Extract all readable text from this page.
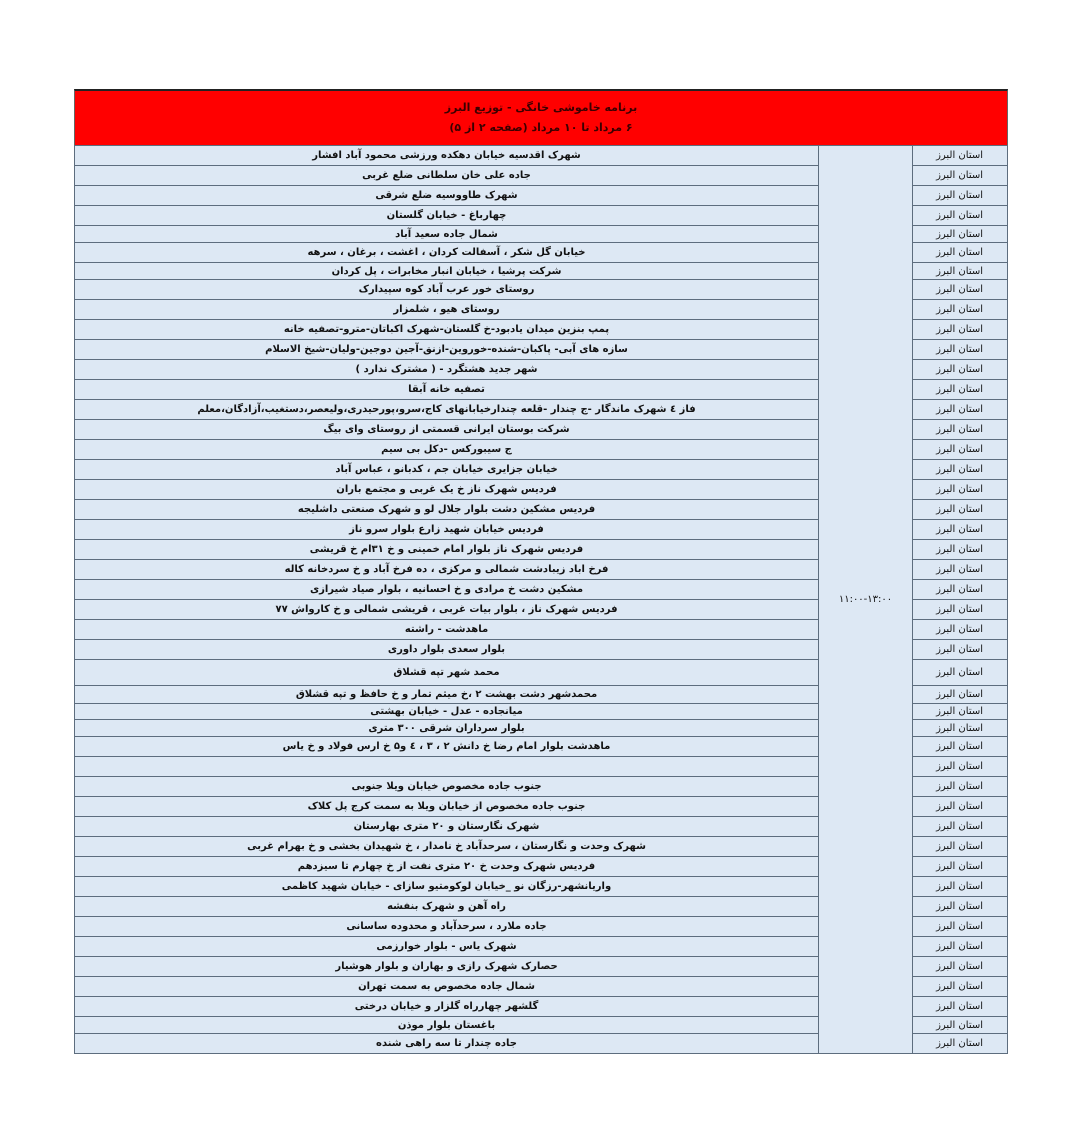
برنامه خاموشی خانگی - توزیع البرز
۶ مرداد تا ۱۰ مرداد (صفحه ۲ از ۵)
استان البرز	۱۱:۰۰-۱۳:۰۰	شهرک اقدسیه خیابان دهکده ورزشی محمود آباد افشار
استان البرز		جاده علی خان سلطانی ضلع غربی
استان البرز		شهرک طاووسیه ضلع شرقی
استان البرز		چهارباغ - خیابان گلستان
استان البرز		شمال جاده سعید آباد
استان البرز		خیابان گل شکر ، آسفالت کردان ، اغشت ، برغان ، سرهه
استان البرز		شرکت پرشیا ، خیابان انبار مخابرات ، پل کردان
استان البرز		روستای خور عرب آباد کوه سپیدارک
استان البرز		روستای هیو ، شلمزار
استان البرز		پمپ بنزین میدان یادبود-خ گلستان-شهرک اکباتان-مترو-تصفیه خانه
استان البرز		سازه های آبی- پاکبان-شنده-خوروین-ازنق-آجین دوجین-ولیان-شیخ الاسلام
استان البرز		شهر جدید هشتگرد - ( مشترک ندارد )
استان البرز		تصفیه خانه آبقا
استان البرز		فاز ٤ شهرک ماندگار -ج چندار -قلعه چندارخیابانهای کاج،سرو،پورحیدری،ولیعصر،دستغیب،آزادگان،معلم
استان البرز		شرکت بوستان ایرانی قسمتی از روستای وای بیگ
استان البرز		ج سیبورکس -دکل بی سیم
استان البرز		خیابان جزایری خیابان جم ، کدبانو ، عباس آباد
استان البرز		فردیس شهرک ناز خ یک غربی و مجتمع باران
استان البرز		فردیس مشکین دشت بلوار جلال لو و شهرک صنعتی داشلیجه
استان البرز		فردیس خیابان شهید زارع بلوار سرو ناز
استان البرز		فردیس شهرک ناز بلوار امام خمینی و خ ۳۱ام خ قریشی
استان البرز		فرخ اباد زیبادشت شمالی و مرکزی ، ده فرخ آباد و خ سردخانه کاله
استان البرز		مشکین دشت خ مرادی و خ احسانیه ، بلوار صیاد شیرازی
استان البرز		فردیس شهرک ناز ، بلوار بیات غربی ، قریشی شمالی و خ کارواش ۷۷
استان البرز		ماهدشت - راشته
استان البرز		بلوار سعدی بلوار داوری
استان البرز		محمد شهر تپه قشلاق
استان البرز		محمدشهر دشت بهشت ۲ ،خ میثم تمار و خ حافظ و تپه قشلاق
استان البرز		میانجاده - عدل - خیابان بهشتی
استان البرز		بلوار سرداران شرقی ۳۰۰ متری
استان البرز		ماهدشت بلوار امام رضا خ دانش ۲ ، ۳ ، ٤ و۵ خ ارس فولاد و خ یاس
استان البرز		
استان البرز		جنوب جاده مخصوص خیابان ویلا جنوبی
استان البرز		جنوب جاده مخصوص از خیابان ویلا به سمت کرج پل کلاک
استان البرز		شهرک نگارستان و ۲۰ متری بهارستان
استان البرز		شهرک وحدت و نگارستان ، سرحدآباد خ نامدار ، خ شهیدان بخشی و خ بهرام غربی
استان البرز		فردیس شهرک وحدت خ ۲۰ متری نفت از خ چهارم تا سیزدهم
استان البرز		واریانشهر-رزگان نو _خیابان لوکومتیو سازای - خیابان شهید کاظمی
استان البرز		راه آهن و شهرک بنفشه
استان البرز		جاده ملارد ، سرحدآباد و محدوده ساسانی
استان البرز		شهرک یاس - بلوار خوارزمی
استان البرز		حصارک شهرک رازی و بهاران و بلوار هوشیار
استان البرز		شمال جاده مخصوص به سمت تهران
استان البرز		گلشهر چهارراه گلزار و خیابان درختی
استان البرز		باغستان بلوار موذن
استان البرز		جاده چندار تا سه راهی شنده
